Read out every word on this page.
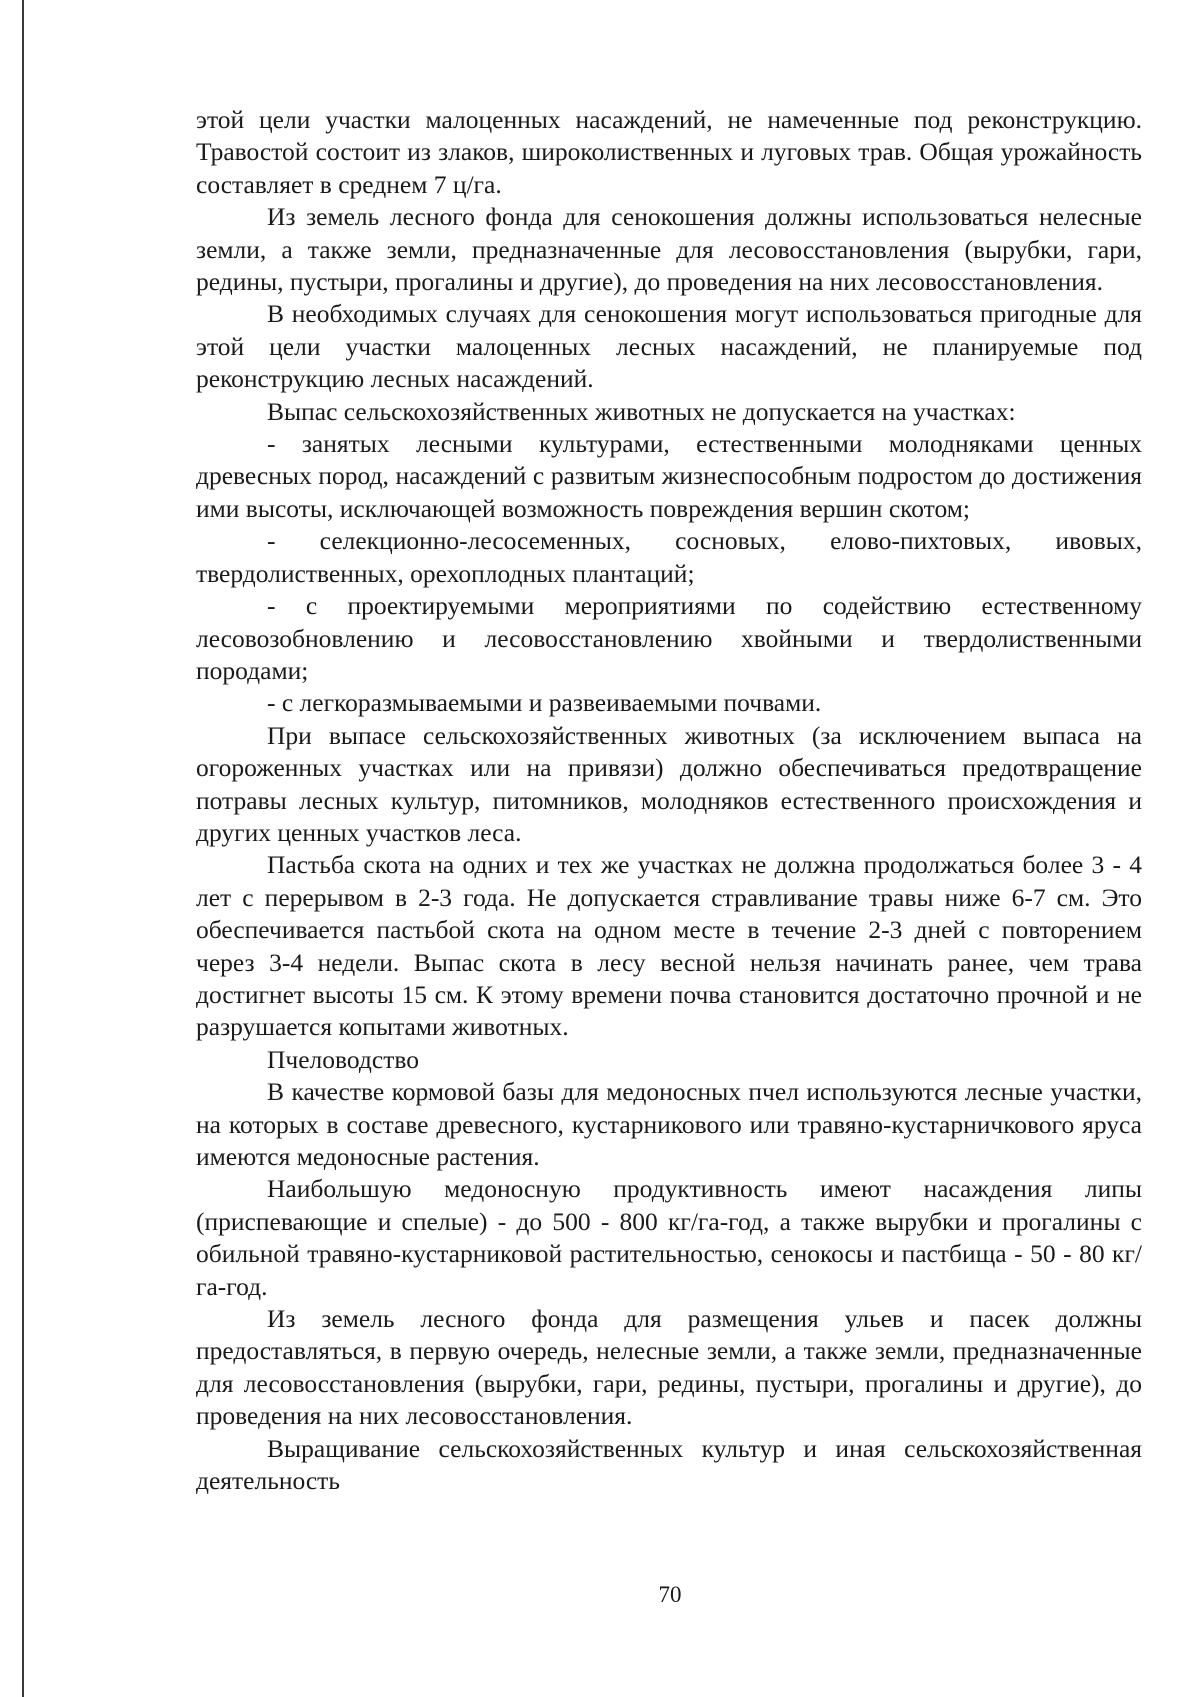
этой цели участки малоценных насаждений, не намеченные под реконструкцию. Травостой состоит из злаков, широколиственных и луговых трав. Общая урожайность составляет в среднем 7 ц/га.

Из земель лесного фонда для сенокошения должны использоваться нелесные земли, а также земли, предназначенные для лесовосстановления (вырубки, гари, редины, пустыри, прогалины и другие), до проведения на них лесовосстановления.

В необходимых случаях для сенокошения могут использоваться пригодные для этой цели участки малоценных лесных насаждений, не планируемые под реконструкцию лесных насаждений.

Выпас сельскохозяйственных животных не допускается на участках:

- занятых лесными культурами, естественными молодняками ценных древесных пород, насаждений с развитым жизнеспособным подростом до достижения ими высоты, исключающей возможность повреждения вершин скотом;

- селекционно-лесосеменных, сосновых, елово-пихтовых, ивовых, твердолиственных, орехоплодных плантаций;

- с проектируемыми мероприятиями по содействию естественному лесовозобновлению и лесовосстановлению хвойными и твердолиственными породами;

- с легкоразмываемыми и развеиваемыми почвами.

При выпасе сельскохозяйственных животных (за исключением выпаса на огороженных участках или на привязи) должно обеспечиваться предотвращение потравы лесных культур, питомников, молодняков естественного происхождения и других ценных участков леса.

Пастьба скота на одних и тех же участках не должна продолжаться более 3 - 4 лет с перерывом в 2-3 года. Не допускается стравливание травы ниже 6-7 см. Это обеспечивается пастьбой скота на одном месте в течение 2-3 дней с повторением через 3-4 недели. Выпас скота в лесу весной нельзя начинать ранее, чем трава достигнет высоты 15 см. К этому времени почва становится достаточно прочной и не разрушается копытами животных.

Пчеловодство

В качестве кормовой базы для медоносных пчел используются лесные участки, на которых в составе древесного, кустарникового или травяно-кустарничкового яруса имеются медоносные растения.

Наибольшую медоносную продуктивность имеют насаждения липы (приспевающие и спелые) - до 500 - 800 кг/га-год, а также вырубки и прогалины с обильной травяно-кустарниковой растительностью, сенокосы и пастбища - 50 - 80 кг/га-год.

Из земель лесного фонда для размещения ульев и пасек должны предоставляться, в первую очередь, нелесные земли, а также земли, предназначенные для лесовосстановления (вырубки, гари, редины, пустыри, прогалины и другие), до проведения на них лесовосстановления.

Выращивание сельскохозяйственных культур и иная сельскохозяйственная деятельность

70
